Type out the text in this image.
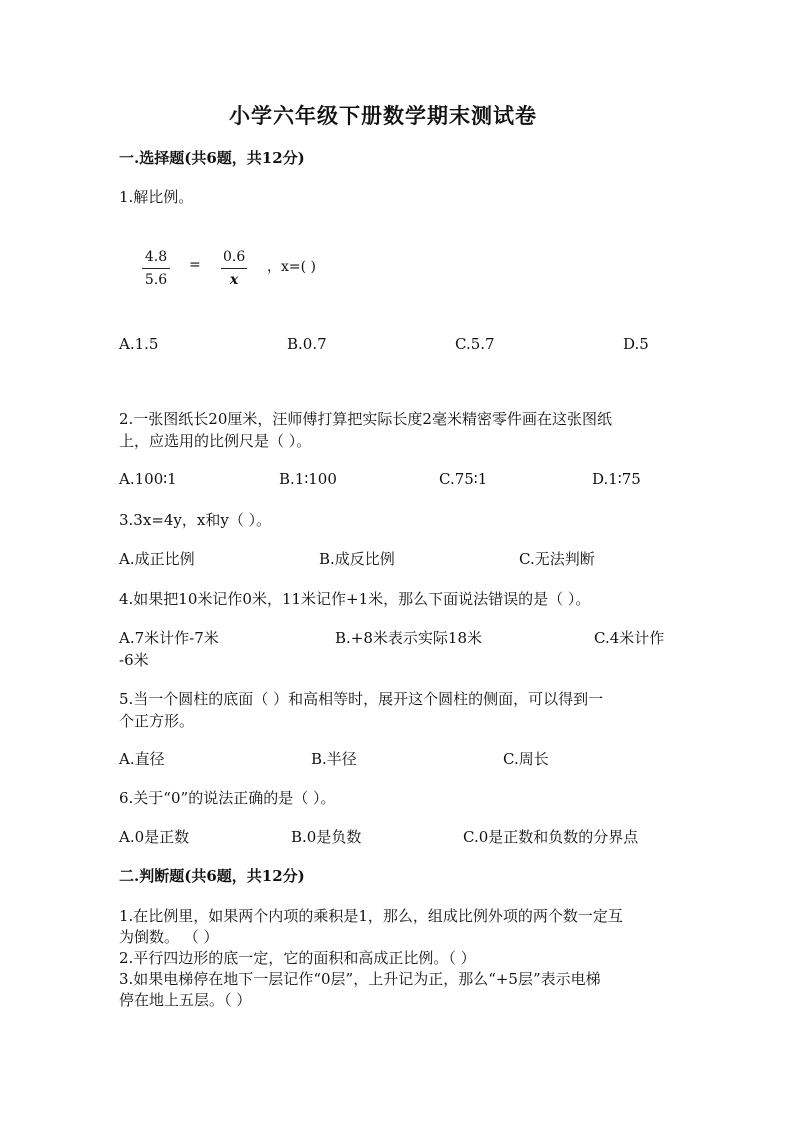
小学六年级下册数学期末测试卷
一.选择题(共6题，共12分)
1.解比例。
$\frac{4.8}{5.6} = \frac{0.6}{x}$ ，x=( )
A.1.5	B.0.7	C.5.7	D.5
2.一张图纸长20厘米，汪师傅打算把实际长度2毫米精密零件画在这张图纸
上，应选用的比例尺是（ ）。
A.100∶1	B.1∶100	C.75∶1	D.1∶75
3.3x=4y，x和y（ ）。
A.成正比例	B.成反比例	C.无法判断
4.如果把10米记作0米，11米记作+1米，那么下面说法错误的是（ ）。
A.7米计作-7米	B.+8米表示实际18米	C.4米计作
-6米
5.当一个圆柱的底面（ ）和高相等时，展开这个圆柱的侧面，可以得到一
个正方形。
A.直径	B.半径	C.周长
6.关于“0”的说法正确的是（ ）。
A.0是正数	B.0是负数	C.0是正数和负数的分界点
二.判断题(共6题，共12分)
1.在比例里，如果两个内项的乘积是1，那么，组成比例外项的两个数一定互
为倒数。 （ ）
2.平行四边形的底一定，它的面积和高成正比例。（ ）
3.如果电梯停在地下一层记作“0层”，上升记为正，那么“+5层”表示电梯
停在地上五层。（ ）
